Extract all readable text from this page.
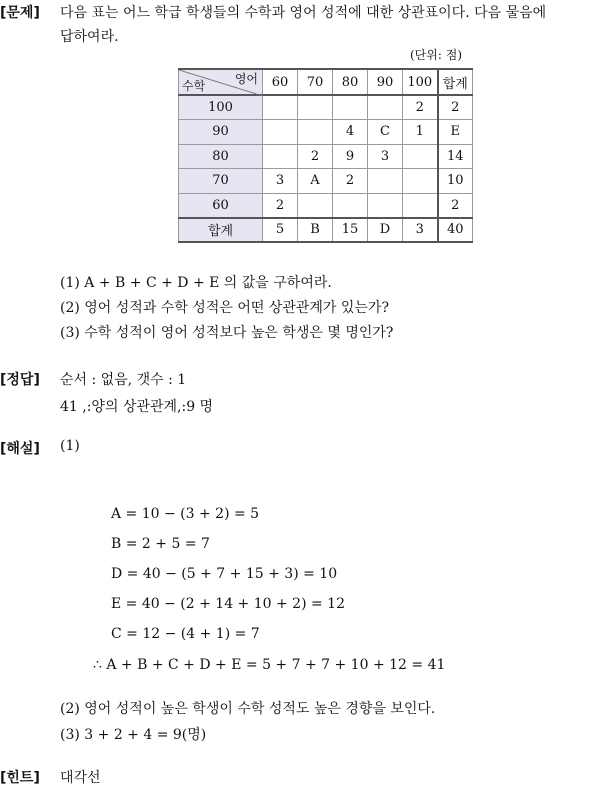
[문제] 다음 표는 어느 학급 학생들의 수학과 영어 성적에 대한 상관표이다. 다음 물음에
답하여라.
(단위: 점)
영어
수학	60	70	80	90	100	합계
100					2	2
90			4	C	1	E
80		2	9	3		14
70	3	A	2			10
60	2					2
합계	5	B	15	D	3	40
(1) A + B + C + D + E 의 값을 구하여라.
(2) 영어 성적과 수학 성적은 어떤 상관관계가 있는가?
(3) 수학 성적이 영어 성적보다 높은 학생은 몇 명인가?
[정답] 순서 : 없음, 갯수 : 1
41 ,:양의 상관관계,:9 명
[해설] (1)
A = 10 − (3 + 2) = 5
B = 2 + 5 = 7
D = 40 − (5 + 7 + 15 + 3) = 10
E = 40 − (2 + 14 + 10 + 2) = 12
C = 12 − (4 + 1) = 7
∴ A + B + C + D + E = 5 + 7 + 7 + 10 + 12 = 41
(2) 영어 성적이 높은 학생이 수학 성적도 높은 경향을 보인다.
(3) 3 + 2 + 4 = 9(명)
[힌트] 대각선
